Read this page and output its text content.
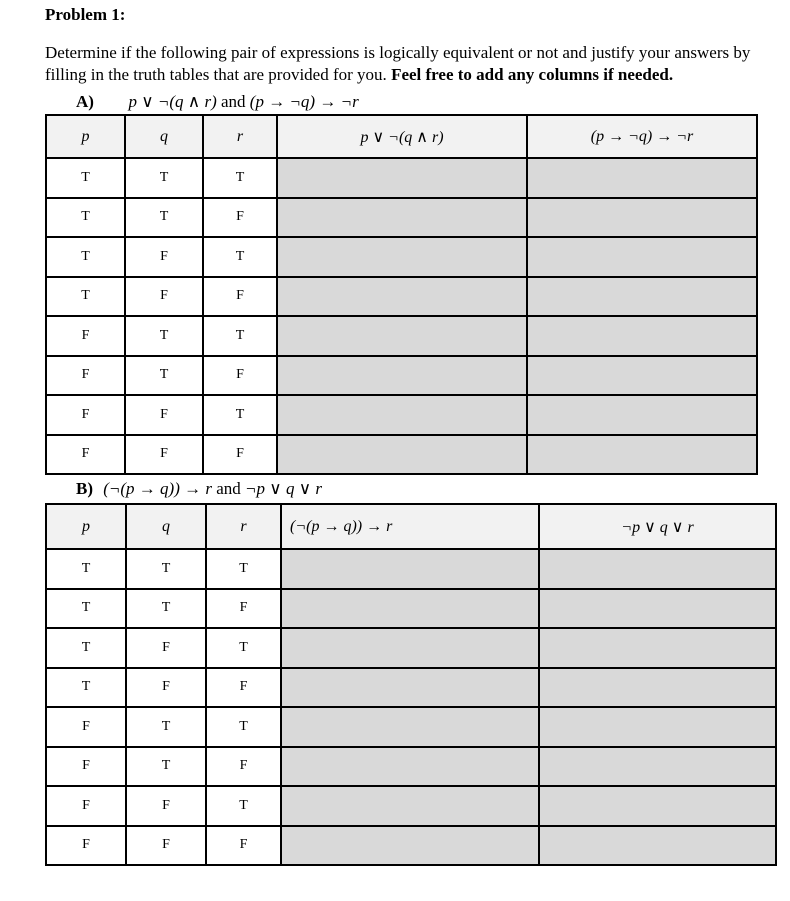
Problem 1:
Determine if the following pair of expressions is logically equivalent or not and justify your answers by
filling in the truth tables that are provided for you. Feel free to add any columns if needed.
A) p ∨ ¬(q ∧ r) and (p → ¬q) → ¬r
p	q	r	p ∨ ¬(q ∧ r)	(p → ¬q) → ¬r
T	T	T		
T	T	F		
T	F	T		
T	F	F		
F	T	T		
F	T	F		
F	F	T		
F	F	F		
B) (¬(p → q)) → r and ¬p ∨ q ∨ r
p	q	r	(¬(p → q)) → r	¬p ∨ q ∨ r
T	T	T		
T	T	F		
T	F	T		
T	F	F		
F	T	T		
F	T	F		
F	F	T		
F	F	F		
